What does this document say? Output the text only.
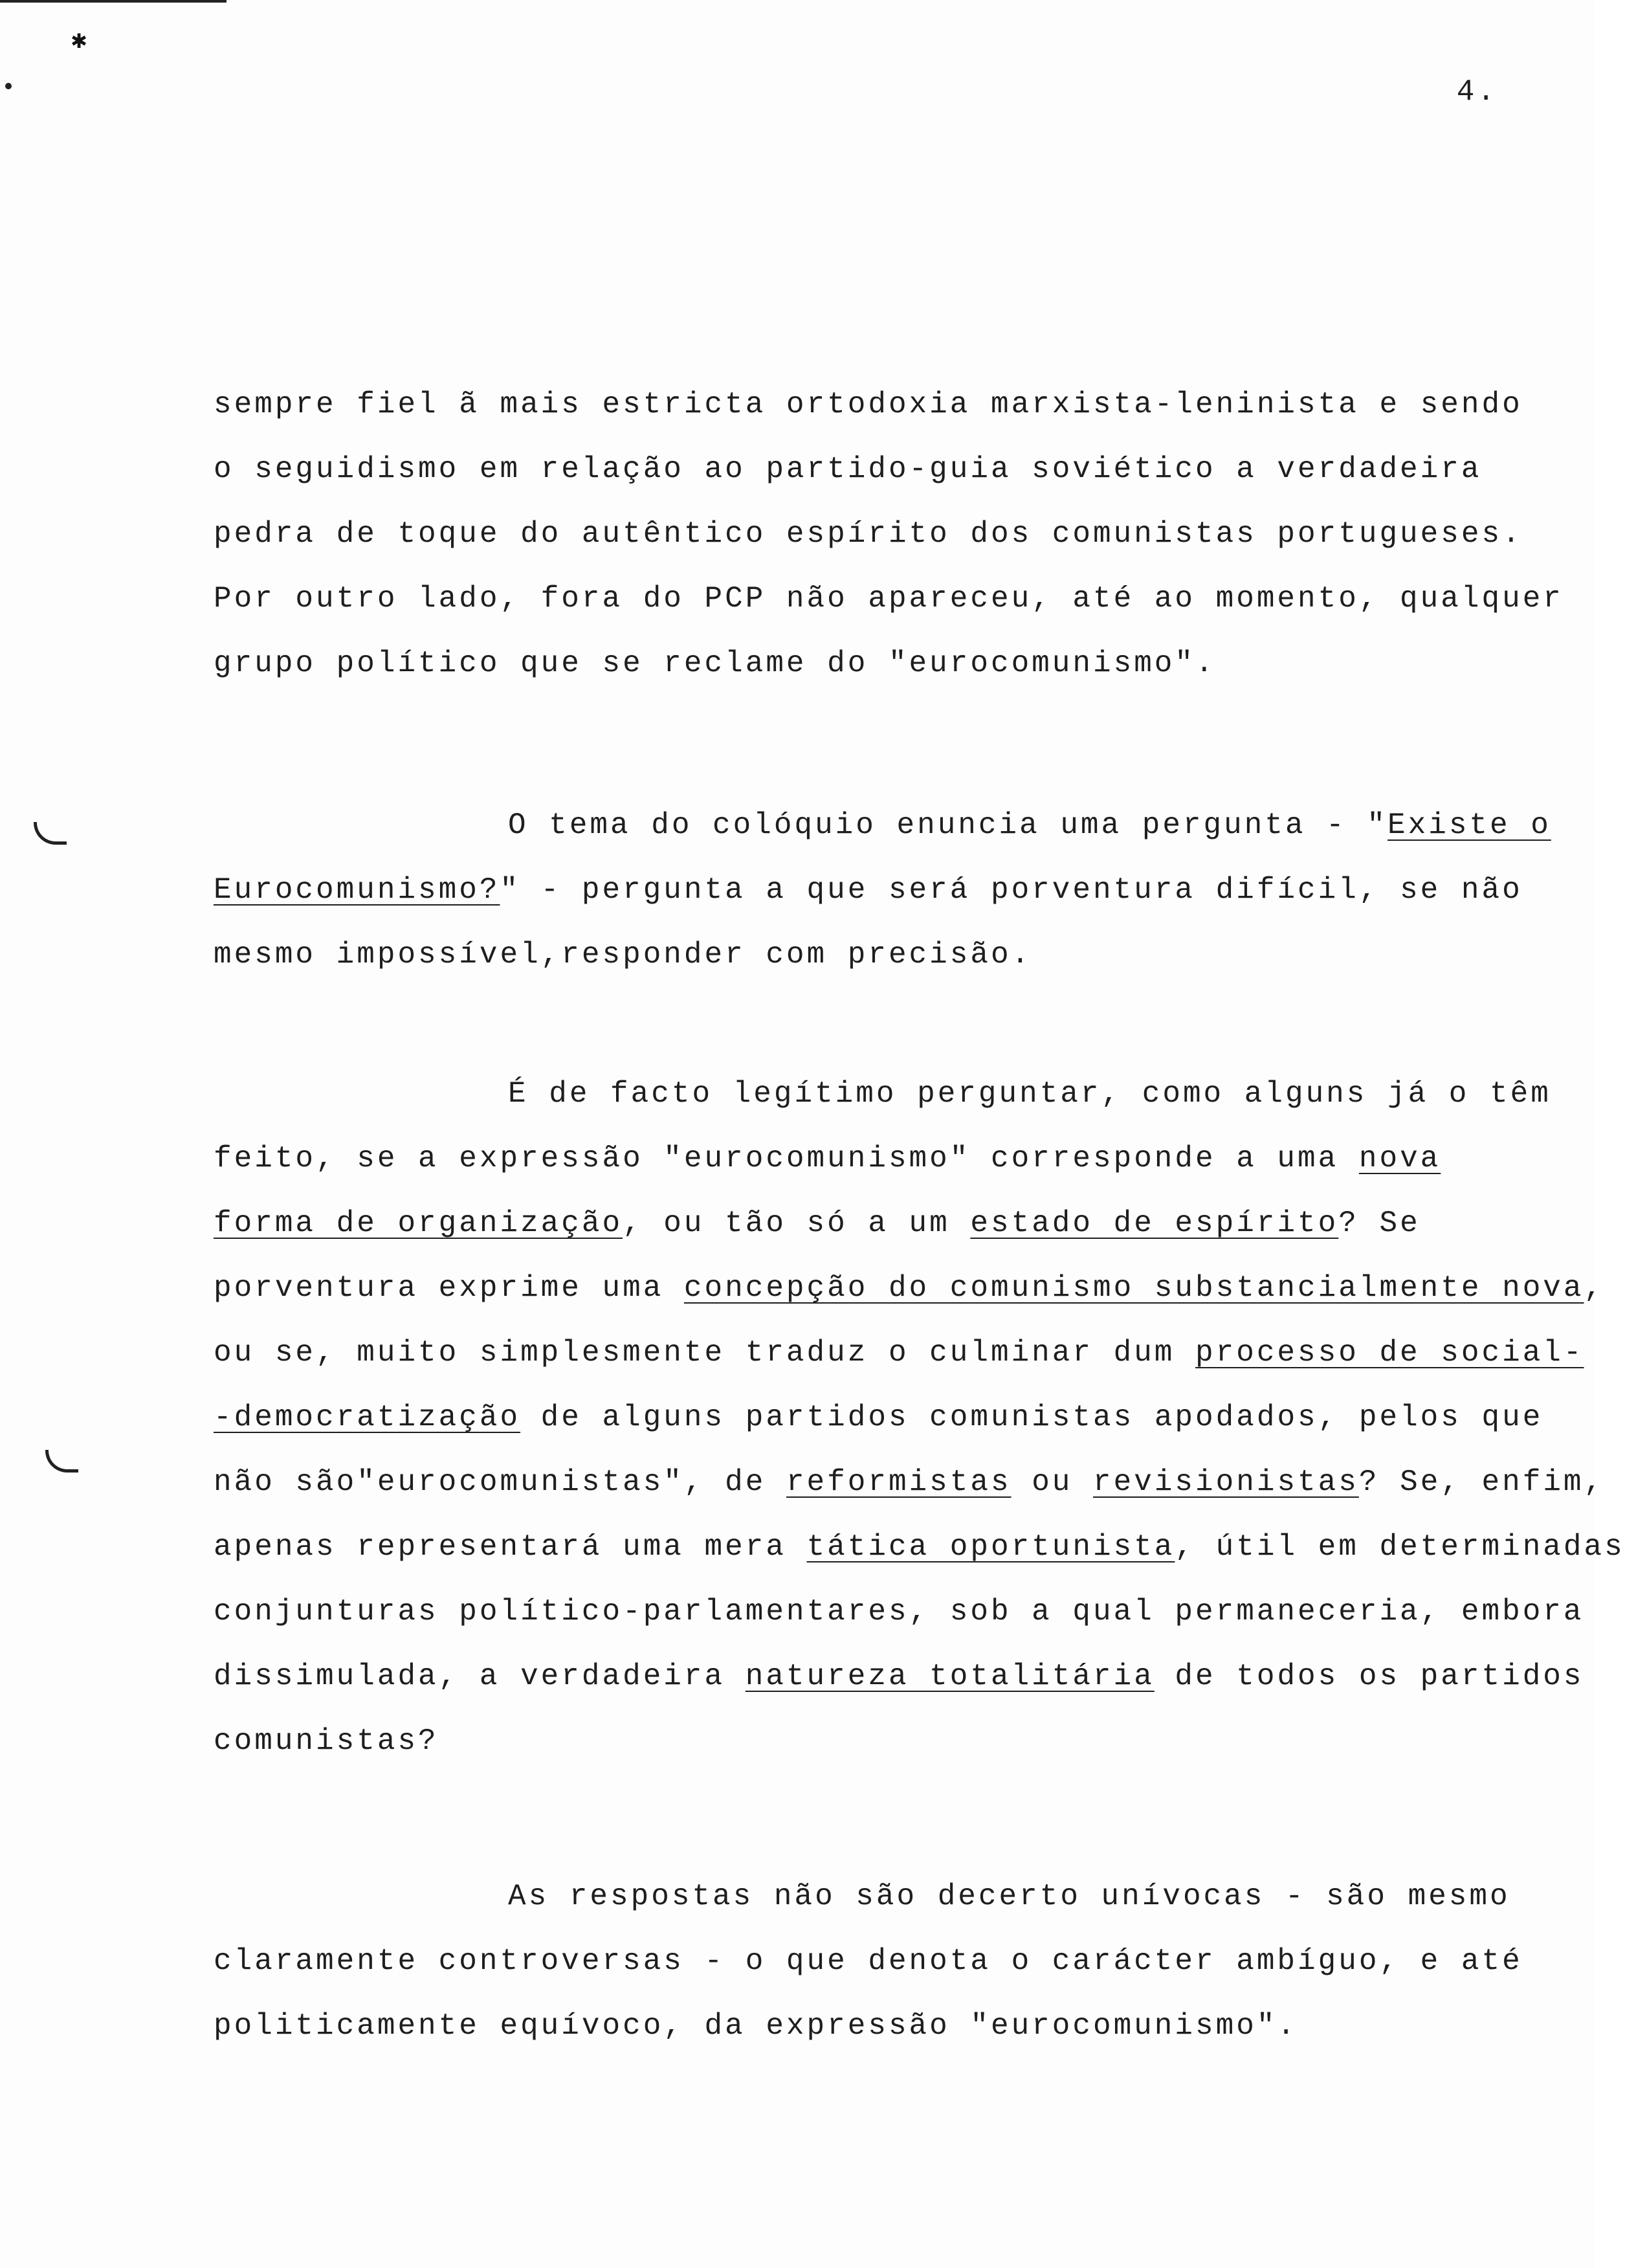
✱
4.
sempre fiel ã mais estricta ortodoxia marxista-leninista e sendo
o seguidismo em relação ao partido-guia soviético a verdadeira
pedra de toque do autêntico espírito dos comunistas portugueses.
Por outro lado, fora do PCP não apareceu, até ao momento, qualquer
grupo político que se reclame do "eurocomunismo".
O tema do colóquio enuncia uma pergunta - "Existe o
Eurocomunismo?" - pergunta a que será porventura difícil, se não
mesmo impossível,responder com precisão.
É de facto legítimo perguntar, como alguns já o têm
feito, se a expressão "eurocomunismo" corresponde a uma nova
forma de organização, ou tão só a um estado de espírito? Se
porventura exprime uma concepção do comunismo substancialmente nova,
ou se, muito simplesmente traduz o culminar dum processo de social-
-democratização de alguns partidos comunistas apodados, pelos que
não são"eurocomunistas", de reformistas ou revisionistas? Se, enfim,
apenas representará uma mera tática oportunista, útil em determinadas
conjunturas político-parlamentares, sob a qual permaneceria, embora
dissimulada, a verdadeira natureza totalitária de todos os partidos
comunistas?
As respostas não são decerto unívocas - são mesmo
claramente controversas - o que denota o carácter ambíguo, e até
politicamente equívoco, da expressão "eurocomunismo".
